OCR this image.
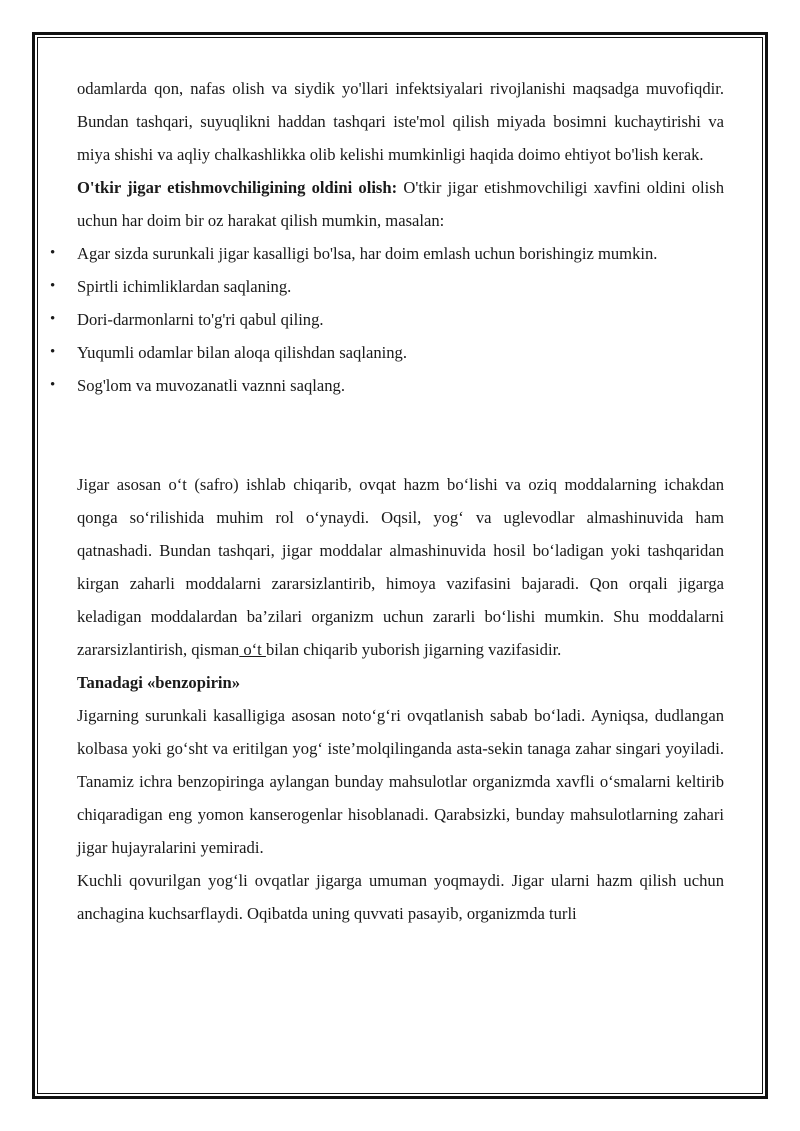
odamlarda qon, nafas olish va siydik yo'llari infektsiyalari rivojlanishi maqsadga muvofiqdir. Bundan tashqari, suyuqlikni haddan tashqari iste'mol qilish miyada bosimni kuchaytirishi va miya shishi va aqliy chalkashlikka olib kelishi mumkinligi haqida doimo ehtiyot bo'lish kerak.

O'tkir jigar etishmovchiligining oldini olish: O'tkir jigar etishmovchiligi xavfini oldini olish uchun har doim bir oz harakat qilish mumkin, masalan:

• Agar sizda surunkali jigar kasalligi bo'lsa, har doim emlash uchun borishingiz mumkin.
• Spirtli ichimliklardan saqlaning.
• Dori-darmonlarni to'g'ri qabul qiling.
• Yuqumli odamlar bilan aloqa qilishdan saqlaning.
• Sog'lom va muvozanatli vaznni saqlang.

Jigar asosan o‘t (safro) ishlab chiqarib, ovqat hazm bo‘lishi va oziq moddalarning ichakdan qonga so‘rilishida muhim rol o‘ynaydi. Oqsil, yog‘ va uglevodlar almashinuvida ham qatnashadi. Bundan tashqari, jigar moddalar almashinuvida hosil bo‘ladigan yoki tashqaridan kirgan zaharli moddalarni zararsizlantirib, himoya vazifasini bajaradi. Qon orqali jigarga keladigan moddalardan ba’zilari organizm uchun zararli bo‘lishi mumkin. Shu moddalarni zararsizlantirish, qisman o‘t bilan chiqarib yuborish jigarning vazifasidir.

Tanadagi «benzopirin»

Jigarning surunkali kasalligiga asosan noto‘g‘ri ovqatlanish sabab bo‘ladi. Ayniqsa, dudlangan kolbasa yoki go‘sht va eritilgan yog‘ iste’molqilinganda asta-sekin tanaga zahar singari yoyiladi. Tanamiz ichra benzopiringa aylangan bunday mahsulotlar organizmda xavfli o‘smalarni keltirib chiqaradigan eng yomon kanserogenlar hisoblanadi. Qarabsizki, bunday mahsulotlarning zahari jigar hujayralarini yemiradi.

Kuchli qovurilgan yog‘li ovqatlar jigarga umuman yoqmaydi. Jigar ularni hazm qilish uchun anchagina kuchsarflaydi. Oqibatda uning quvvati pasayib, organizmda turli
